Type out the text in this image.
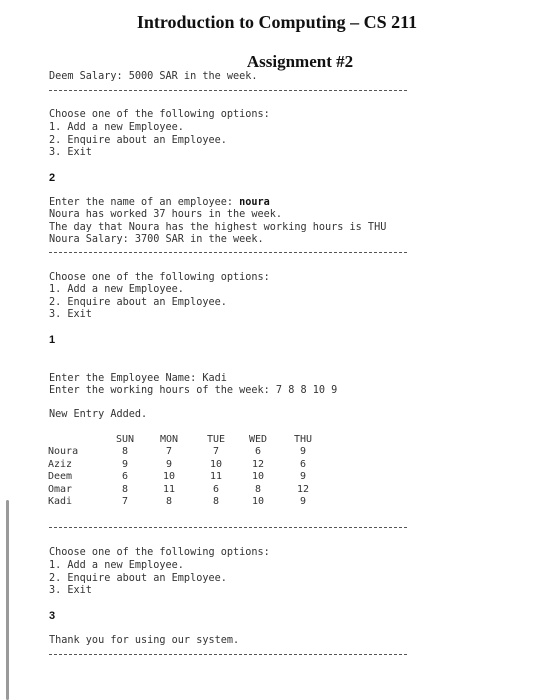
Introduction to Computing – CS 211
Assignment #2
Deem Salary: 5000 SAR in the week.
Choose one of the following options:
1. Add a new Employee.
2. Enquire about an Employee.
3. Exit
2
Enter the name of an employee: noura
Noura has worked 37 hours in the week.
The day that Noura has the highest working hours is THU
Noura Salary: 3700 SAR in the week.
Choose one of the following options:
1. Add a new Employee.
2. Enquire about an Employee.
3. Exit
1
Enter the Employee Name: Kadi
Enter the working hours of the week: 7 8 8 10 9
New Entry Added.
	SUN	MON	TUE	WED	THU
Noura	8	7	7	6	9
Aziz	9	9	10	12	6
Deem	6	10	11	10	9
Omar	8	11	6	8	12
Kadi	7	8	8	10	9
Choose one of the following options:
1. Add a new Employee.
2. Enquire about an Employee.
3. Exit
3
Thank you for using our system.
